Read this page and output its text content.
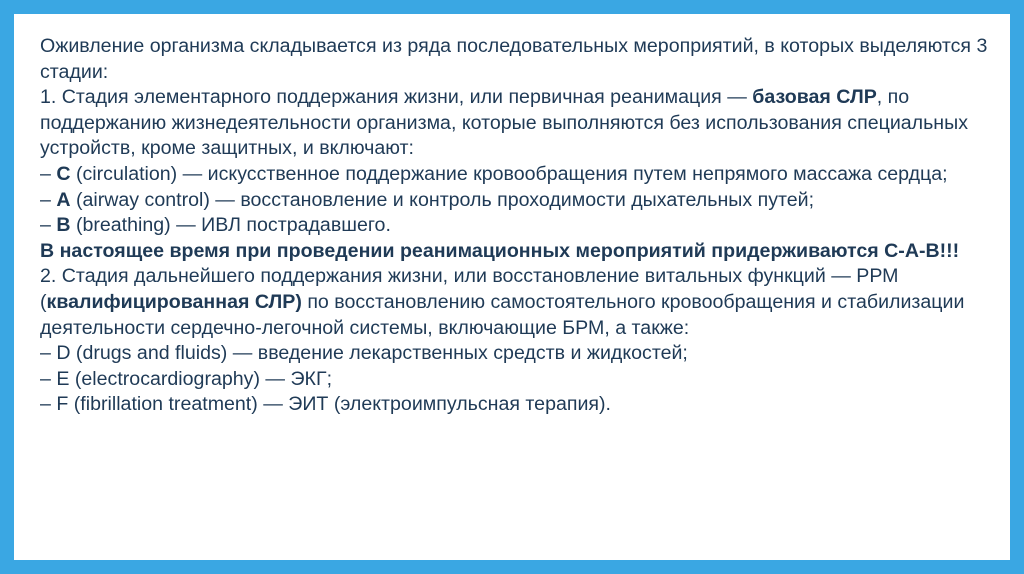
Оживление организма складывается из ряда последовательных мероприятий, в которых выделяются 3 стадии:

1. Стадия элементарного поддержания жизни, или первичная реанимация — базовая СЛР, по поддержанию жизнедеятельности организма, которые выполняются без использования специальных устройств, кроме защитных, и включают:

– С (circulation) — искусственное поддержание кровообращения путем непрямого массажа сердца;

– А (airway control) — восстановление и контроль проходимости дыхательных путей;

– В (breathing) — ИВЛ пострадавшего.

В настоящее время при проведении реанимационных мероприятий придерживаются С-А-В!!!

2. Стадия дальнейшего поддержания жизни, или восстановление витальных функций — РРМ (квалифицированная СЛР) по восстановлению самостоятельного кровообращения и стабилизации деятельности сердечно-легочной системы, включающие БРМ, а также:

– D (drugs and fluids) — введение лекарственных средств и жидкостей;

– Е (electrocardiography) — ЭКГ;

– F (fibrillation treatment) — ЭИТ (электроимпульсная терапия).
